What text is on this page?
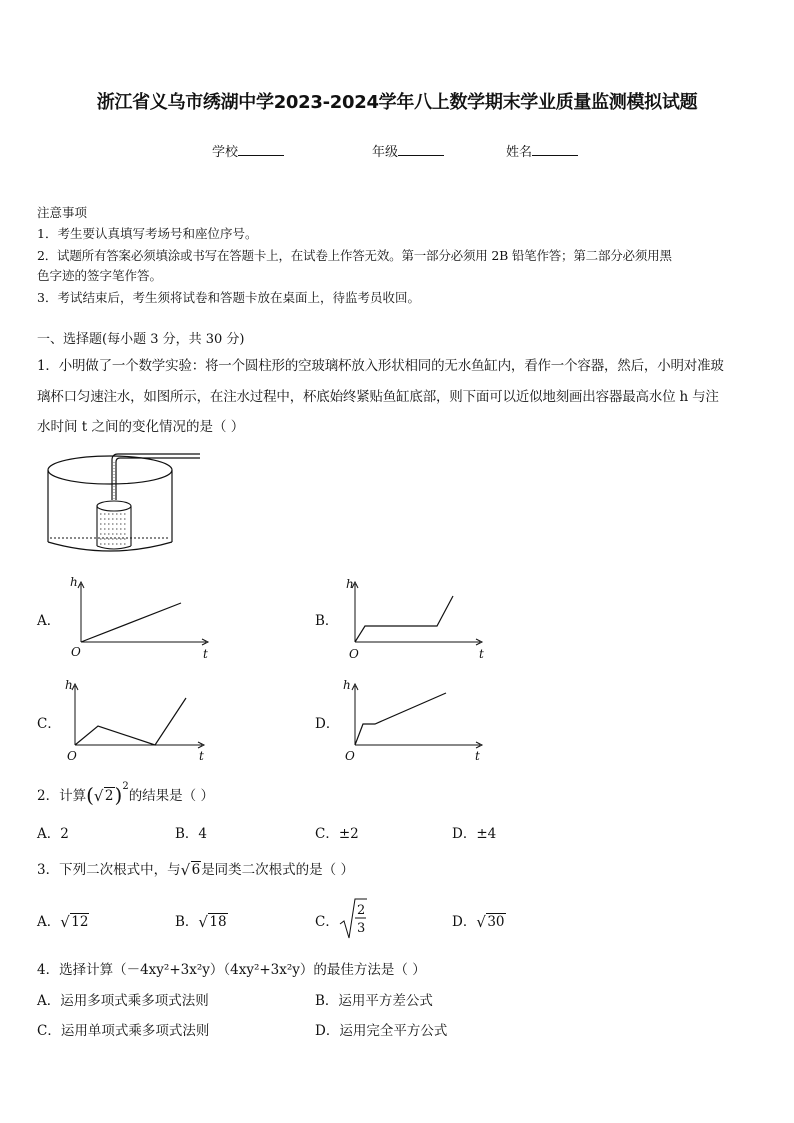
浙江省义乌市绣湖中学2023-2024学年八上数学期末学业质量监测模拟试题
学校	年级	姓名
注意事项
1．考生要认真填写考场号和座位序号。
2．试题所有答案必须填涂或书写在答题卡上，在试卷上作答无效。第一部分必须用 2B 铅笔作答；第二部分必须用黑
色字迹的签字笔作答。
3．考试结束后，考生须将试卷和答题卡放在桌面上，待监考员收回。
一、选择题(每小题 3 分，共 30 分)
1．小明做了一个数学实验：将一个圆柱形的空玻璃杯放入形状相同的无水鱼缸内，看作一个容器，然后，小明对准玻
璃杯口匀速注水，如图所示，在注水过程中，杯底始终紧贴鱼缸底部，则下面可以近似地刻画出容器最高水位 h 与注
水时间 t 之间的变化情况的是（ ）
A．
h
t
O
B．
h
t
O
C．
h
t
O
D．
h
t
O
2．计算( √ 2)$^2$的结果是（ ）
A．2	B．4	C．±2	D．±4
3．下列二次根式中，与 √ 6是同类二次根式的是（ ）
A． √ 12	B． √ 18	C．
2
3	D． √ 30
4．选择计算（－4xy²+3x²y）（4xy²+3x²y）的最佳方法是（ ）
A．运用多项式乘多项式法则	B．运用平方差公式
C．运用单项式乘多项式法则	D．运用完全平方公式
